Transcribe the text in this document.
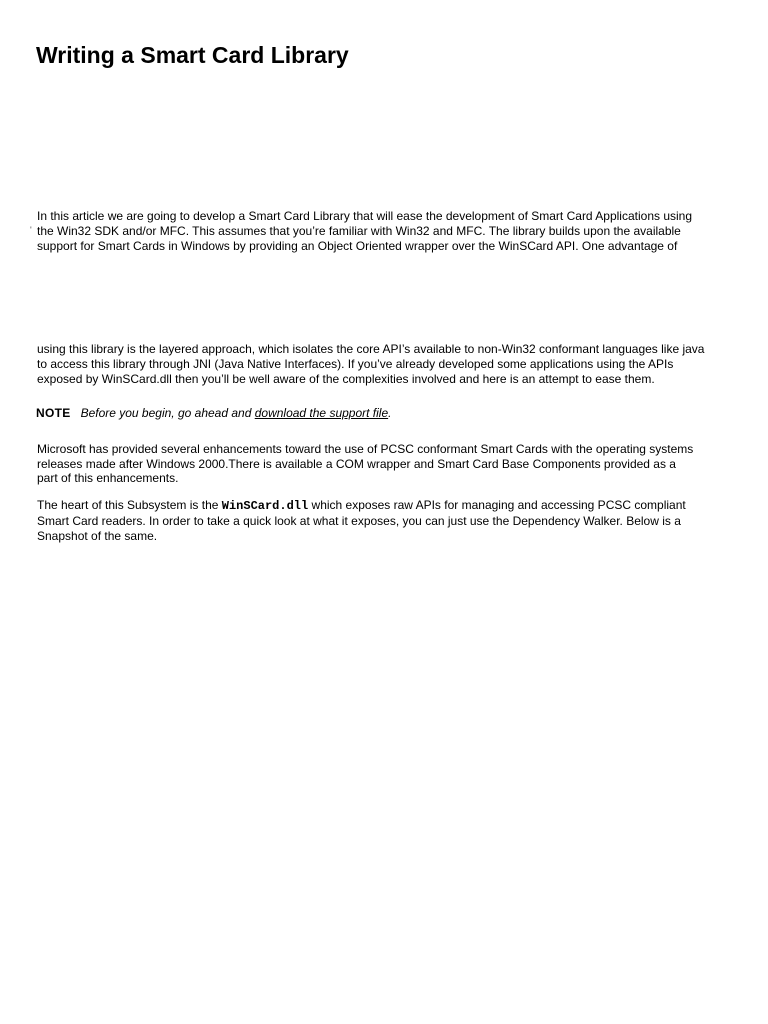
Writing a Smart Card Library
'

In this article we are going to develop a Smart Card Library that will ease the development of Smart Card Applications using

the Win32 SDK and/or MFC. This assumes that you’re familiar with Win32 and MFC. The library builds upon the available

support for Smart Cards in Windows by providing an Object Oriented wrapper over the WinSCard API. One advantage of

using this library is the layered approach, which isolates the core API’s available to non-Win32 conformant languages like java

to access this library through JNI (Java Native Interfaces). If you’ve already developed some applications using the APIs

exposed by WinSCard.dll then you’ll be well aware of the complexities involved and here is an attempt to ease them.

NOTE Before you begin, go ahead and download the support file.

Microsoft has provided several enhancements toward the use of PCSC conformant Smart Cards with the operating systems

releases made after Windows 2000.There is available a COM wrapper and Smart Card Base Components provided as a

part of this enhancements.

The heart of this Subsystem is the WinSCard.dll which exposes raw APIs for managing and accessing PCSC compliant

Smart Card readers. In order to take a quick look at what it exposes, you can just use the Dependency Walker. Below is a

Snapshot of the same.
